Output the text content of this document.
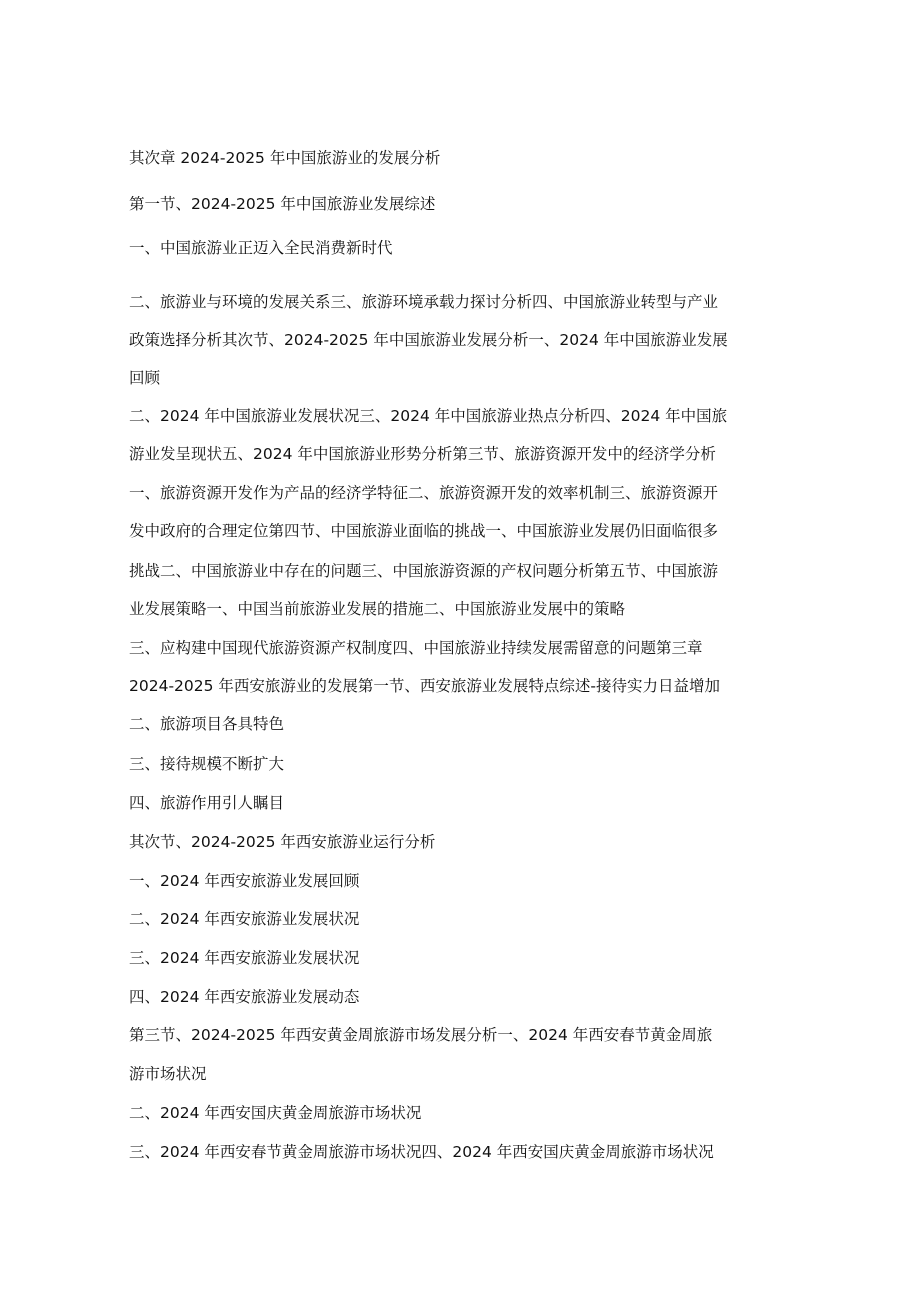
其次章 2024-2025 年中国旅游业的发展分析
第一节、2024-2025 年中国旅游业发展综述
一、中国旅游业正迈入全民消费新时代
二、旅游业与环境的发展关系三、旅游环境承载力探讨分析四、中国旅游业转型与产业
政策选择分析其次节、2024-2025 年中国旅游业发展分析一、2024 年中国旅游业发展
回顾
二、2024 年中国旅游业发展状况三、2024 年中国旅游业热点分析四、2024 年中国旅
游业发呈现状五、2024 年中国旅游业形势分析第三节、旅游资源开发中的经济学分析
一、旅游资源开发作为产品的经济学特征二、旅游资源开发的效率机制三、旅游资源开
发中政府的合理定位第四节、中国旅游业面临的挑战一、中国旅游业发展仍旧面临很多
挑战二、中国旅游业中存在的问题三、中国旅游资源的产权问题分析第五节、中国旅游
业发展策略一、中国当前旅游业发展的措施二、中国旅游业发展中的策略
三、应构建中国现代旅游资源产权制度四、中国旅游业持续发展需留意的问题第三章
2024-2025 年西安旅游业的发展第一节、西安旅游业发展特点综述-接待实力日益增加
二、旅游项目各具特色
三、接待规模不断扩大
四、旅游作用引人瞩目
其次节、2024-2025 年西安旅游业运行分析
一、2024 年西安旅游业发展回顾
二、2024 年西安旅游业发展状况
三、2024 年西安旅游业发展状况
四、2024 年西安旅游业发展动态
第三节、2024-2025 年西安黄金周旅游市场发展分析一、2024 年西安春节黄金周旅
游市场状况
二、2024 年西安国庆黄金周旅游市场状况
三、2024 年西安春节黄金周旅游市场状况四、2024 年西安国庆黄金周旅游市场状况
